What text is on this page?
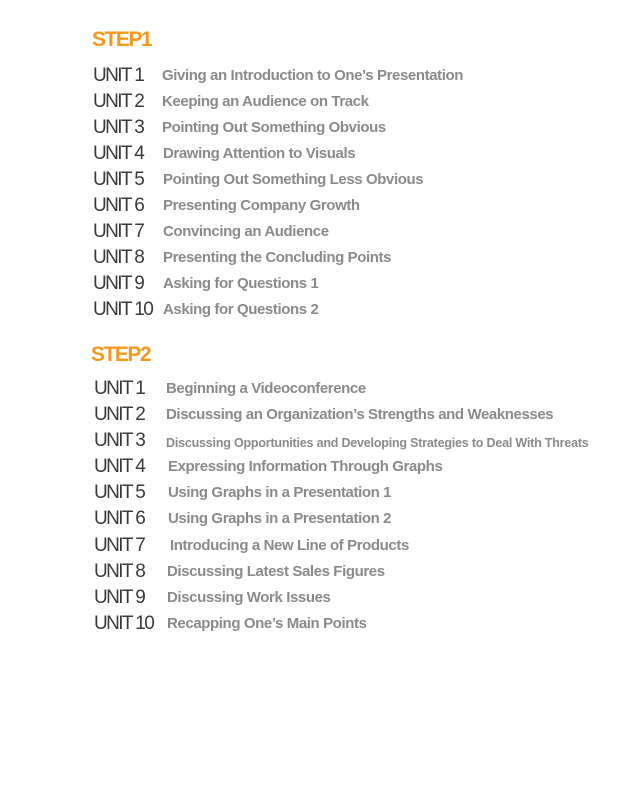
STEP1
UNIT 1 Giving an Introduction to One’s Presentation
UNIT 2 Keeping an Audience on Track
UNIT 3 Pointing Out Something Obvious
UNIT 4 Drawing Attention to Visuals
UNIT 5 Pointing Out Something Less Obvious
UNIT 6 Presenting Company Growth
UNIT 7 Convincing an Audience
UNIT 8 Presenting the Concluding Points
UNIT 9 Asking for Questions 1
UNIT 10 Asking for Questions 2
STEP2
UNIT 1 Beginning a Videoconference
UNIT 2 Discussing an Organization’s Strengths and Weaknesses
UNIT 3 Discussing Opportunities and Developing Strategies to Deal With Threats
UNIT 4 Expressing Information Through Graphs
UNIT 5 Using Graphs in a Presentation 1
UNIT 6 Using Graphs in a Presentation 2
UNIT 7 Introducing a New Line of Products
UNIT 8 Discussing Latest Sales Figures
UNIT 9 Discussing Work Issues
UNIT 10 Recapping One’s Main Points
